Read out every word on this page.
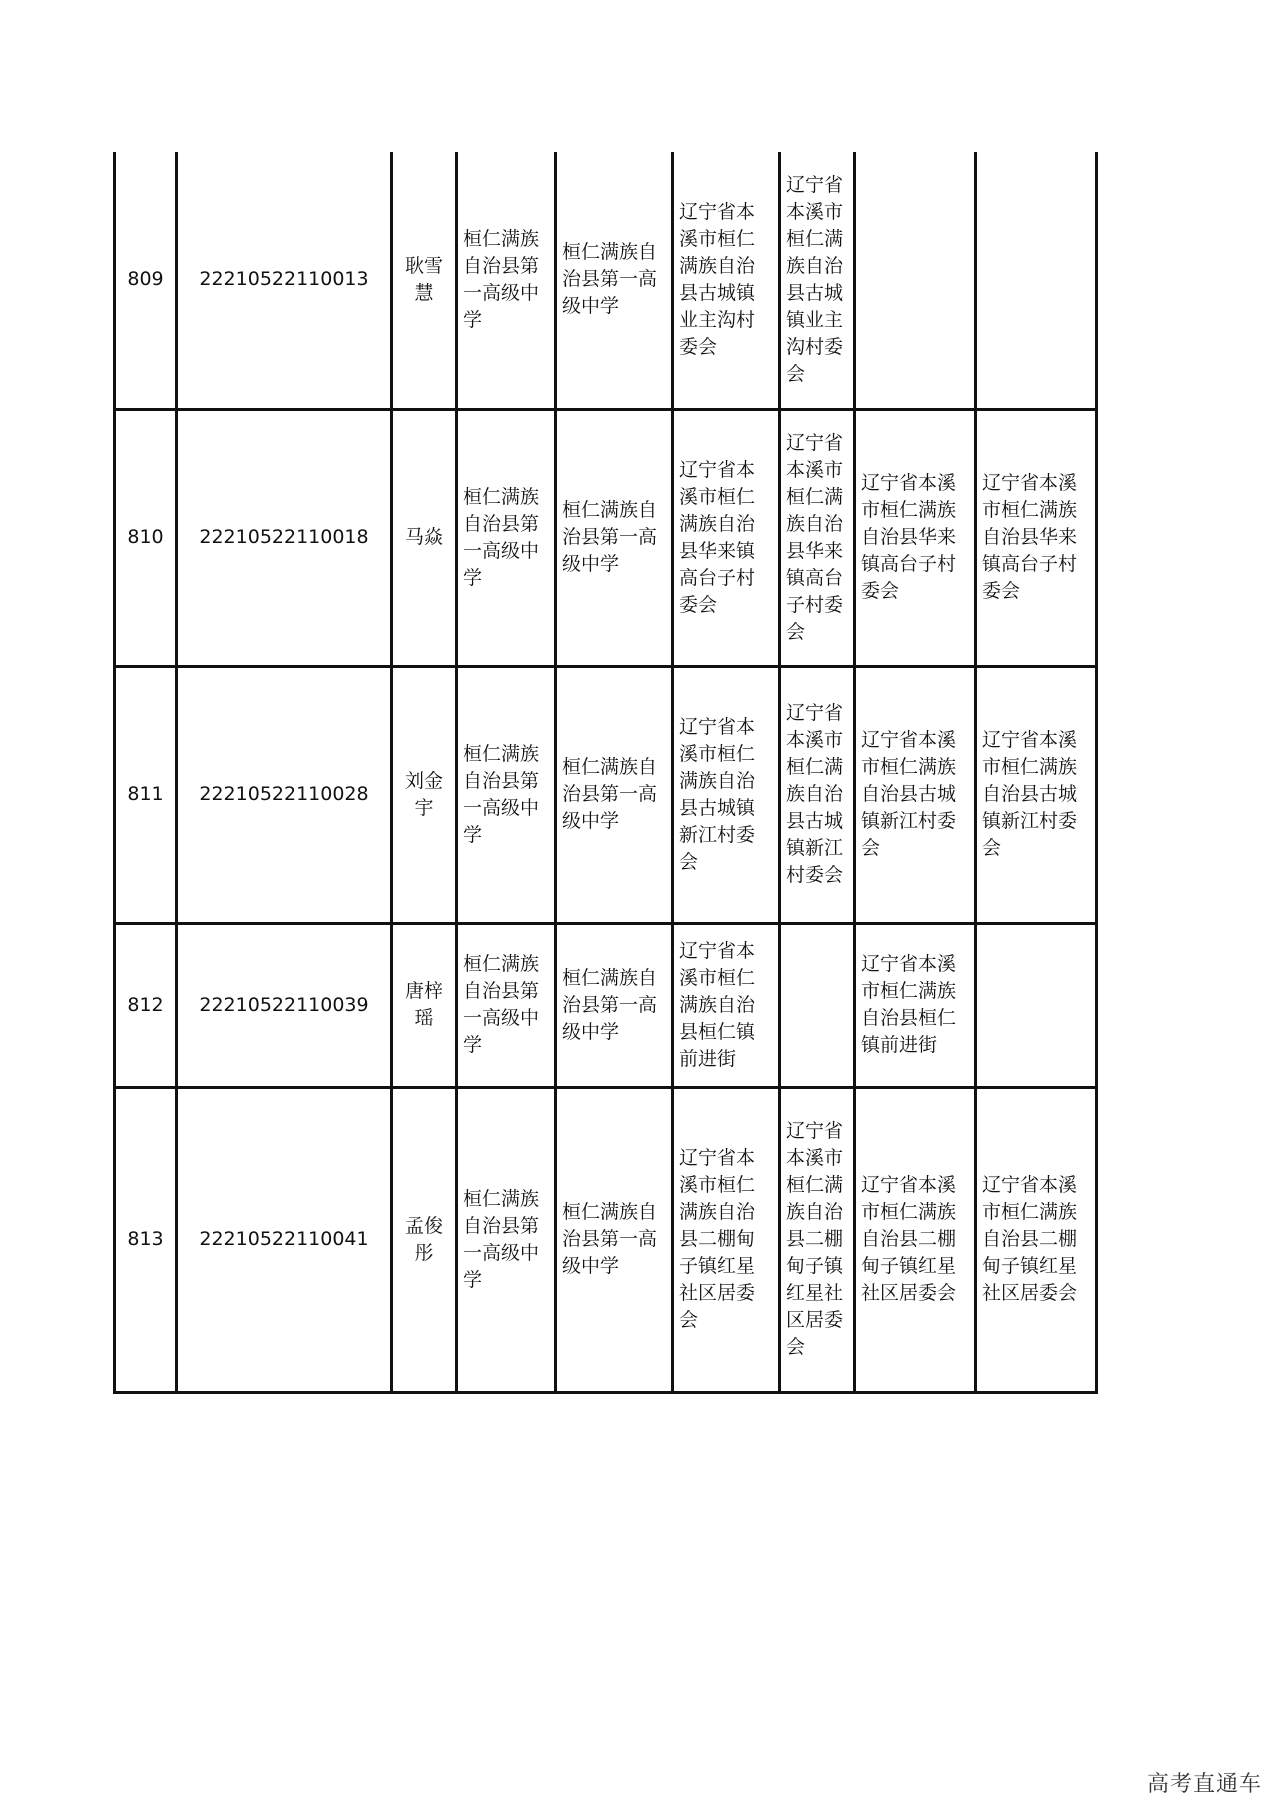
809	22210522110013	耿雪慧	桓仁满族自治县第一高级中学	桓仁满族自治县第一高级中学	辽宁省本溪市桓仁满族自治县古城镇业主沟村委会	辽宁省本溪市桓仁满族自治县古城镇业主沟村委会		
810	22210522110018	马焱	桓仁满族自治县第一高级中学	桓仁满族自治县第一高级中学	辽宁省本溪市桓仁满族自治县华来镇高台子村委会	辽宁省本溪市桓仁满族自治县华来镇高台子村委会	辽宁省本溪市桓仁满族自治县华来镇高台子村委会	辽宁省本溪市桓仁满族自治县华来镇高台子村委会
811	22210522110028	刘金宇	桓仁满族自治县第一高级中学	桓仁满族自治县第一高级中学	辽宁省本溪市桓仁满族自治县古城镇新江村委会	辽宁省本溪市桓仁满族自治县古城镇新江村委会	辽宁省本溪市桓仁满族自治县古城镇新江村委会	辽宁省本溪市桓仁满族自治县古城镇新江村委会
812	22210522110039	唐梓瑶	桓仁满族自治县第一高级中学	桓仁满族自治县第一高级中学	辽宁省本溪市桓仁满族自治县桓仁镇前进街		辽宁省本溪市桓仁满族自治县桓仁镇前进街	
813	22210522110041	孟俊彤	桓仁满族自治县第一高级中学	桓仁满族自治县第一高级中学	辽宁省本溪市桓仁满族自治县二棚甸子镇红星社区居委会	辽宁省本溪市桓仁满族自治县二棚甸子镇红星社区居委会	辽宁省本溪市桓仁满族自治县二棚甸子镇红星社区居委会	辽宁省本溪市桓仁满族自治县二棚甸子镇红星社区居委会
高考直通车
